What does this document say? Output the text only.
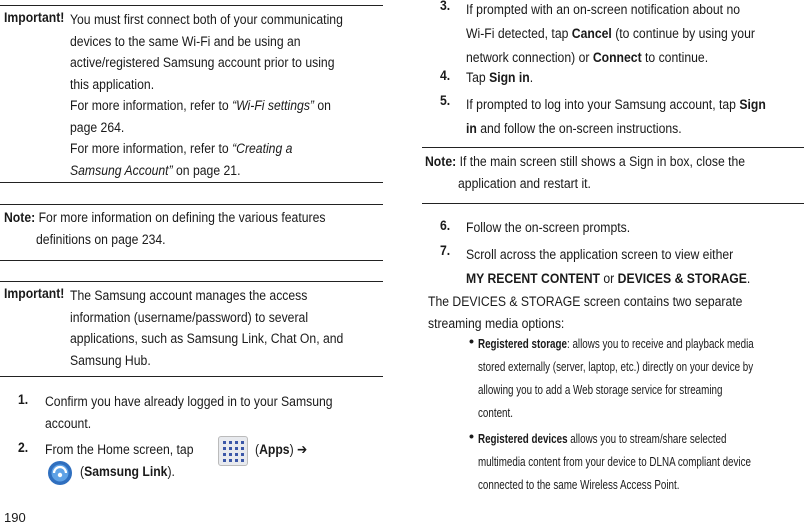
Important! You must first connect both of your communicating
devices to the same Wi-Fi and be using an
active/registered Samsung account prior to using
this application.
For more information, refer to “Wi-Fi settings” on
page 264.
For more information, refer to “Creating a
Samsung Account” on page 21.
Note: For more information on defining the various features
definitions on page 234.
Important! The Samsung account manages the access
information (username/password) to several
applications, such as Samsung Link, Chat On, and
Samsung Hub.
1. Confirm you have already logged in to your Samsung
account.
2. From the Home screen, tap	(Apps) ➔
(Samsung Link).
190
3. If prompted with an on-screen notification about no
Wi-Fi detected, tap Cancel (to continue by using your
network connection) or Connect to continue.
4. Tap Sign in.
5. If prompted to log into your Samsung account, tap Sign
in and follow the on-screen instructions.
Note: If the main screen still shows a Sign in box, close the
application and restart it.
6. Follow the on-screen prompts.
7. Scroll across the application screen to view either
MY RECENT CONTENT or DEVICES & STORAGE.
The DEVICES & STORAGE screen contains two separate
streaming media options:
• Registered storage: allows you to receive and playback media
stored externally (server, laptop, etc.) directly on your device by
allowing you to add a Web storage service for streaming
content.
• Registered devices allows you to stream/share selected
multimedia content from your device to DLNA compliant device
connected to the same Wireless Access Point.
